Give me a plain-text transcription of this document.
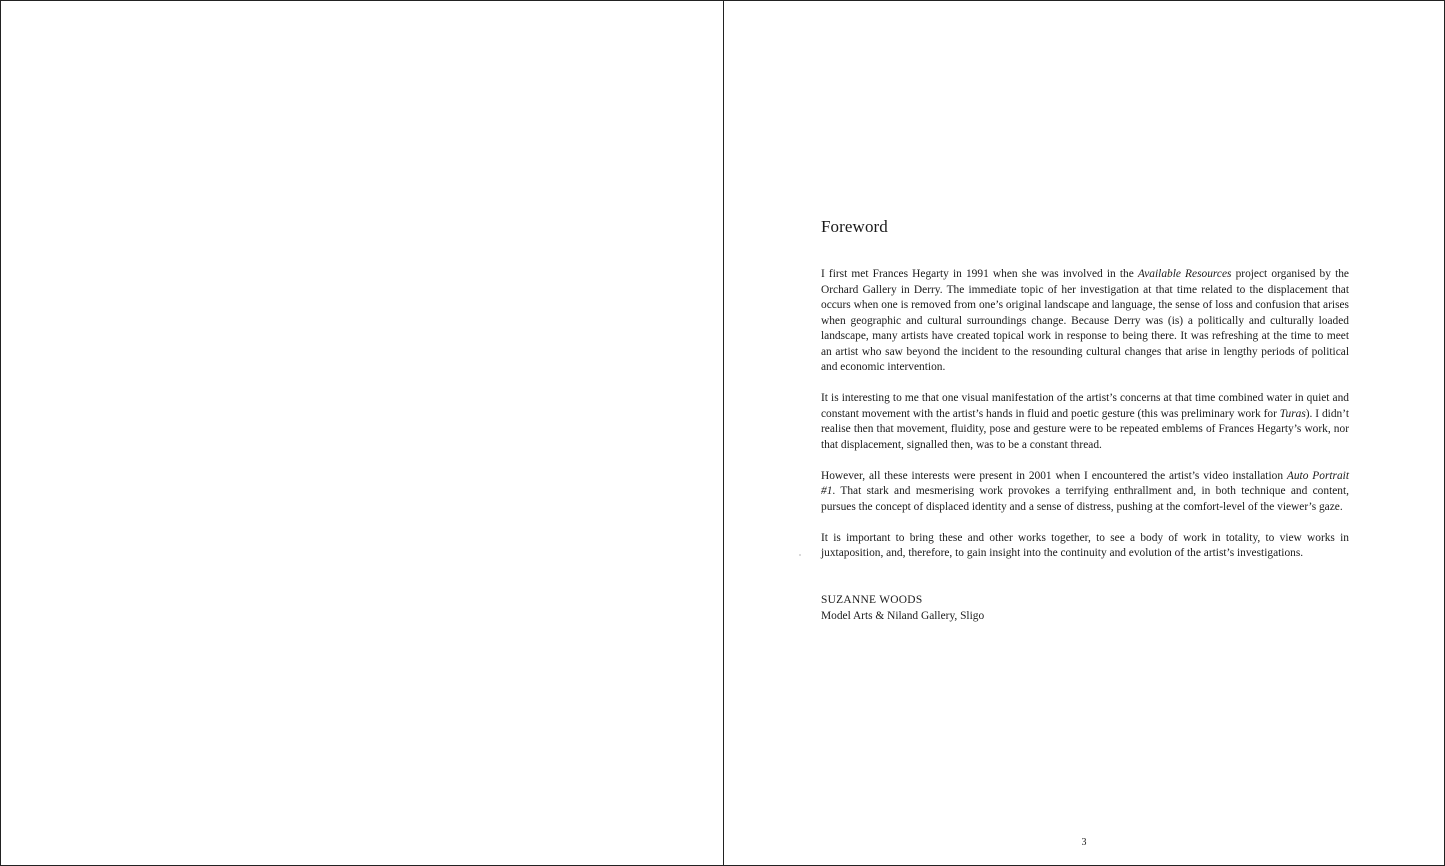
Foreword

I first met Frances Hegarty in 1991 when she was involved in the Available Resources project organised by the Orchard Gallery in Derry. The immediate topic of her investigation at that time related to the displacement that occurs when one is removed from one’s original landscape and language, the sense of loss and confusion that arises when geographic and cultural surroundings change. Because Derry was (is) a politically and culturally loaded landscape, many artists have created topical work in response to being there. It was refreshing at the time to meet an artist who saw beyond the incident to the resounding cultural changes that arise in lengthy periods of political and economic intervention.

It is interesting to me that one visual manifestation of the artist’s concerns at that time combined water in quiet and constant movement with the artist’s hands in fluid and poetic gesture (this was preliminary work for Turas). I didn’t realise then that movement, fluidity, pose and gesture were to be repeated emblems of Frances Hegarty’s work, nor that displacement, signalled then, was to be a constant thread.

However, all these interests were present in 2001 when I encountered the artist’s video installation Auto Portrait #1. That stark and mesmerising work provokes a terrifying enthrallment and, in both technique and content, pursues the concept of displaced identity and a sense of distress, pushing at the comfort-level of the viewer’s gaze.

It is important to bring these and other works together, to see a body of work in totality, to view works in juxtaposition, and, therefore, to gain insight into the continuity and evolution of the artist’s investigations.

SUZANNE WOODS
Model Arts & Niland Gallery, Sligo
3
